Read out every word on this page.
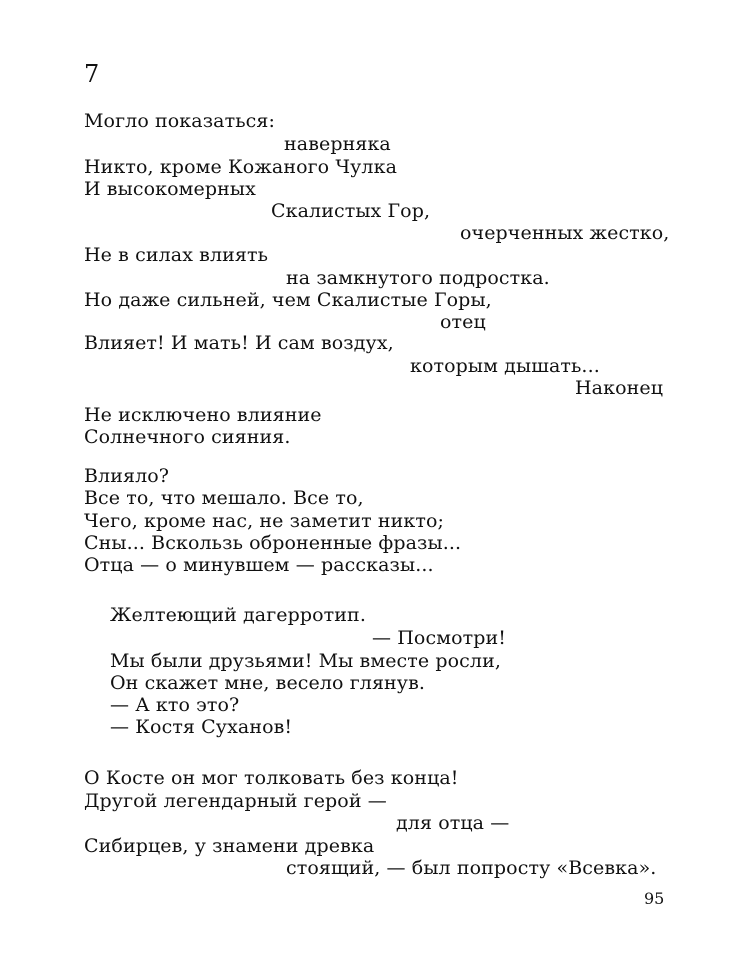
7
Могло показаться:
наверняка
Никто, кроме Кожаного Чулка
И высокомерных
Скалистых Гор,
очерченных жестко,
Не в силах влиять
на замкнутого подростка.
Но даже сильней, чем Скалистые Горы,
отец
Влияет! И мать! И сам воздух,
которым дышать...
Наконец
Не исключено влияние
Солнечного сияния.
Влияло?
Все то, что мешало. Все то,
Чего, кроме нас, не заметит никто;
Сны... Вскользь оброненные фразы...
Отца — о минувшем — рассказы...
Желтеющий дагерротип.
— Посмотри!
Мы были друзьями! Мы вместе росли,
Он скажет мне, весело глянув.
— А кто это?
— Костя Суханов!
О Косте он мог толковать без конца!
Другой легендарный герой —
для отца —
Сибирцев, у знамени древка
стоящий, — был попросту «Всевка».
95
